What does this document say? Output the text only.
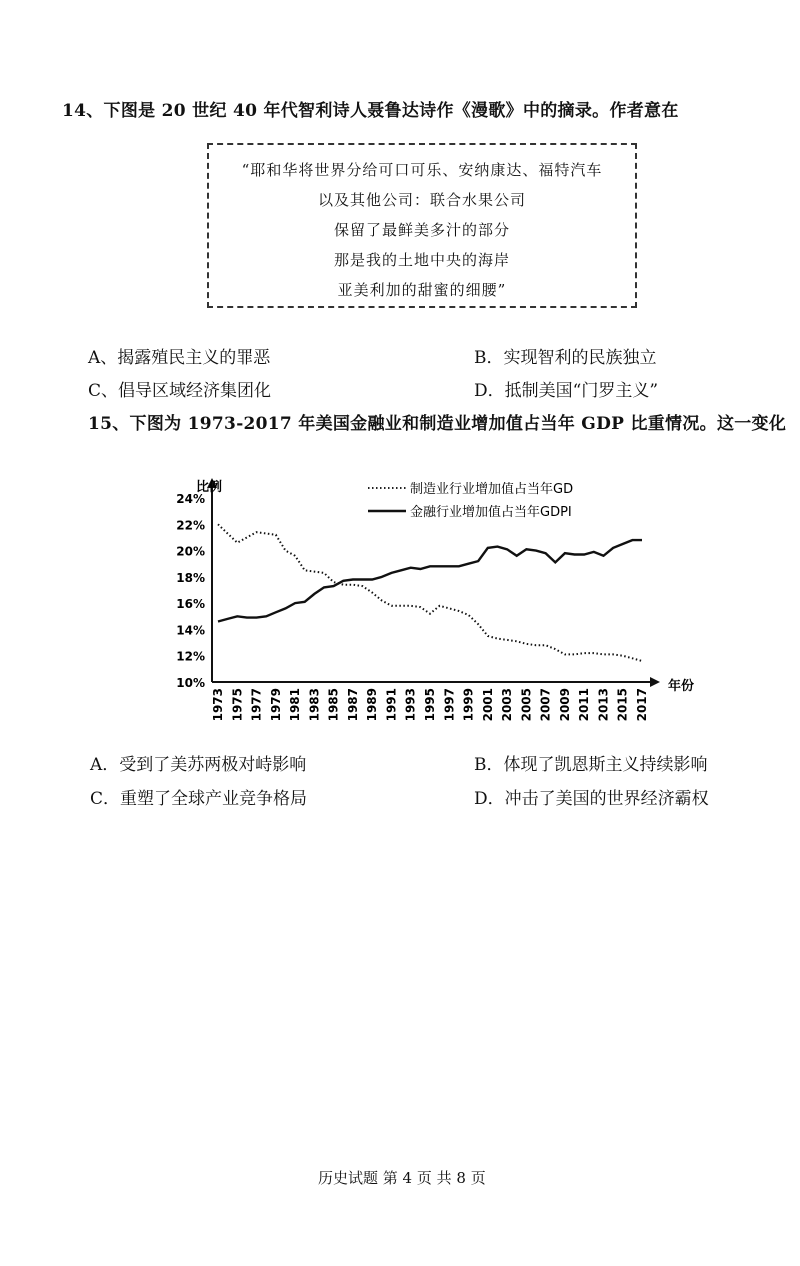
14、下图是 20 世纪 40 年代智利诗人聂鲁达诗作《漫歌》中的摘录。作者意在
“耶和华将世界分给可口可乐、安纳康达、福特汽车
以及其他公司：联合水果公司
保留了最鲜美多汁的部分
那是我的土地中央的海岸
亚美利加的甜蜜的细腰”
A、揭露殖民主义的罪恶	B．实现智利的民族独立
C、倡导区域经济集团化	D．抵制美国“门罗主义”
15、下图为 1973-2017 年美国金融业和制造业增加值占当年 GDP 比重情况。这一变化
10%
12%
14%
16%
18%
20%
22%
24%
1973 1975 1977 1979 1981 1983 1985 1987 1989 1991 1993 1995 1997 1999 2001 2003 2005 2007 2009 2011 2013 2015 2017
比例
年份
制造业行业增加值占当年GD
金融行业增加值占当年GDPI
A．受到了美苏两极对峙影响	B．体现了凯恩斯主义持续影响
C．重塑了全球产业竞争格局	D．冲击了美国的世界经济霸权
历史试题 第 4 页 共 8 页
